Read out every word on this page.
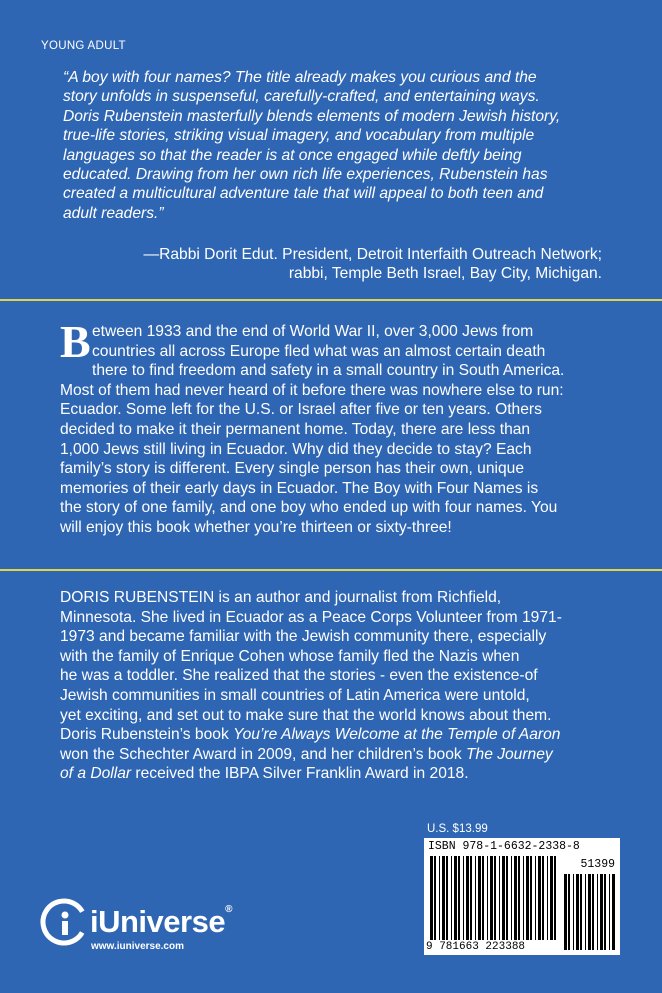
YOUNG ADULT

“A boy with four names? The title already makes you curious and the

story unfolds in suspenseful, carefully-crafted, and entertaining ways.

Doris Rubenstein masterfully blends elements of modern Jewish history,

true-life stories, striking visual imagery, and vocabulary from multiple

languages so that the reader is at once engaged while deftly being

educated. Drawing from her own rich life experiences, Rubenstein has

created a multicultural adventure tale that will appeal to both teen and

adult readers.”

—Rabbi Dorit Edut. President, Detroit Interfaith Outreach Network;
rabbi, Temple Beth Israel, Bay City, Michigan.
B etween 1933 and the end of World War II, over 3,000 Jews from
countries all across Europe fled what was an almost certain death
there to find freedom and safety in a small country in South America.
Most of them had never heard of it before there was nowhere else to run:
Ecuador. Some left for the U.S. or Israel after five or ten years. Others
decided to make it their permanent home. Today, there are less than
1,000 Jews still living in Ecuador. Why did they decide to stay? Each
family’s story is different. Every single person has their own, unique
memories of their early days in Ecuador. The Boy with Four Names is
the story of one family, and one boy who ended up with four names. You
will enjoy this book whether you’re thirteen or sixty-three!
DORIS RUBENSTEIN is an author and journalist from Richfield,
Minnesota. She lived in Ecuador as a Peace Corps Volunteer from 1971-
1973 and became familiar with the Jewish community there, especially
with the family of Enrique Cohen whose family fled the Nazis when
he was a toddler. She realized that the stories - even the existence-of
Jewish communities in small countries of Latin America were untold,
yet exciting, and set out to make sure that the world knows about them.
Doris Rubenstein’s book You’re Always Welcome at the Temple of Aaron
won the Schechter Award in 2009, and her children’s book The Journey
of a Dollar received the IBPA Silver Franklin Award in 2018.
U.S. $13.99
ISBN 978-1-6632-2338-8
51399
9 781663 223388
iUniverse®
www.iuniverse.com
